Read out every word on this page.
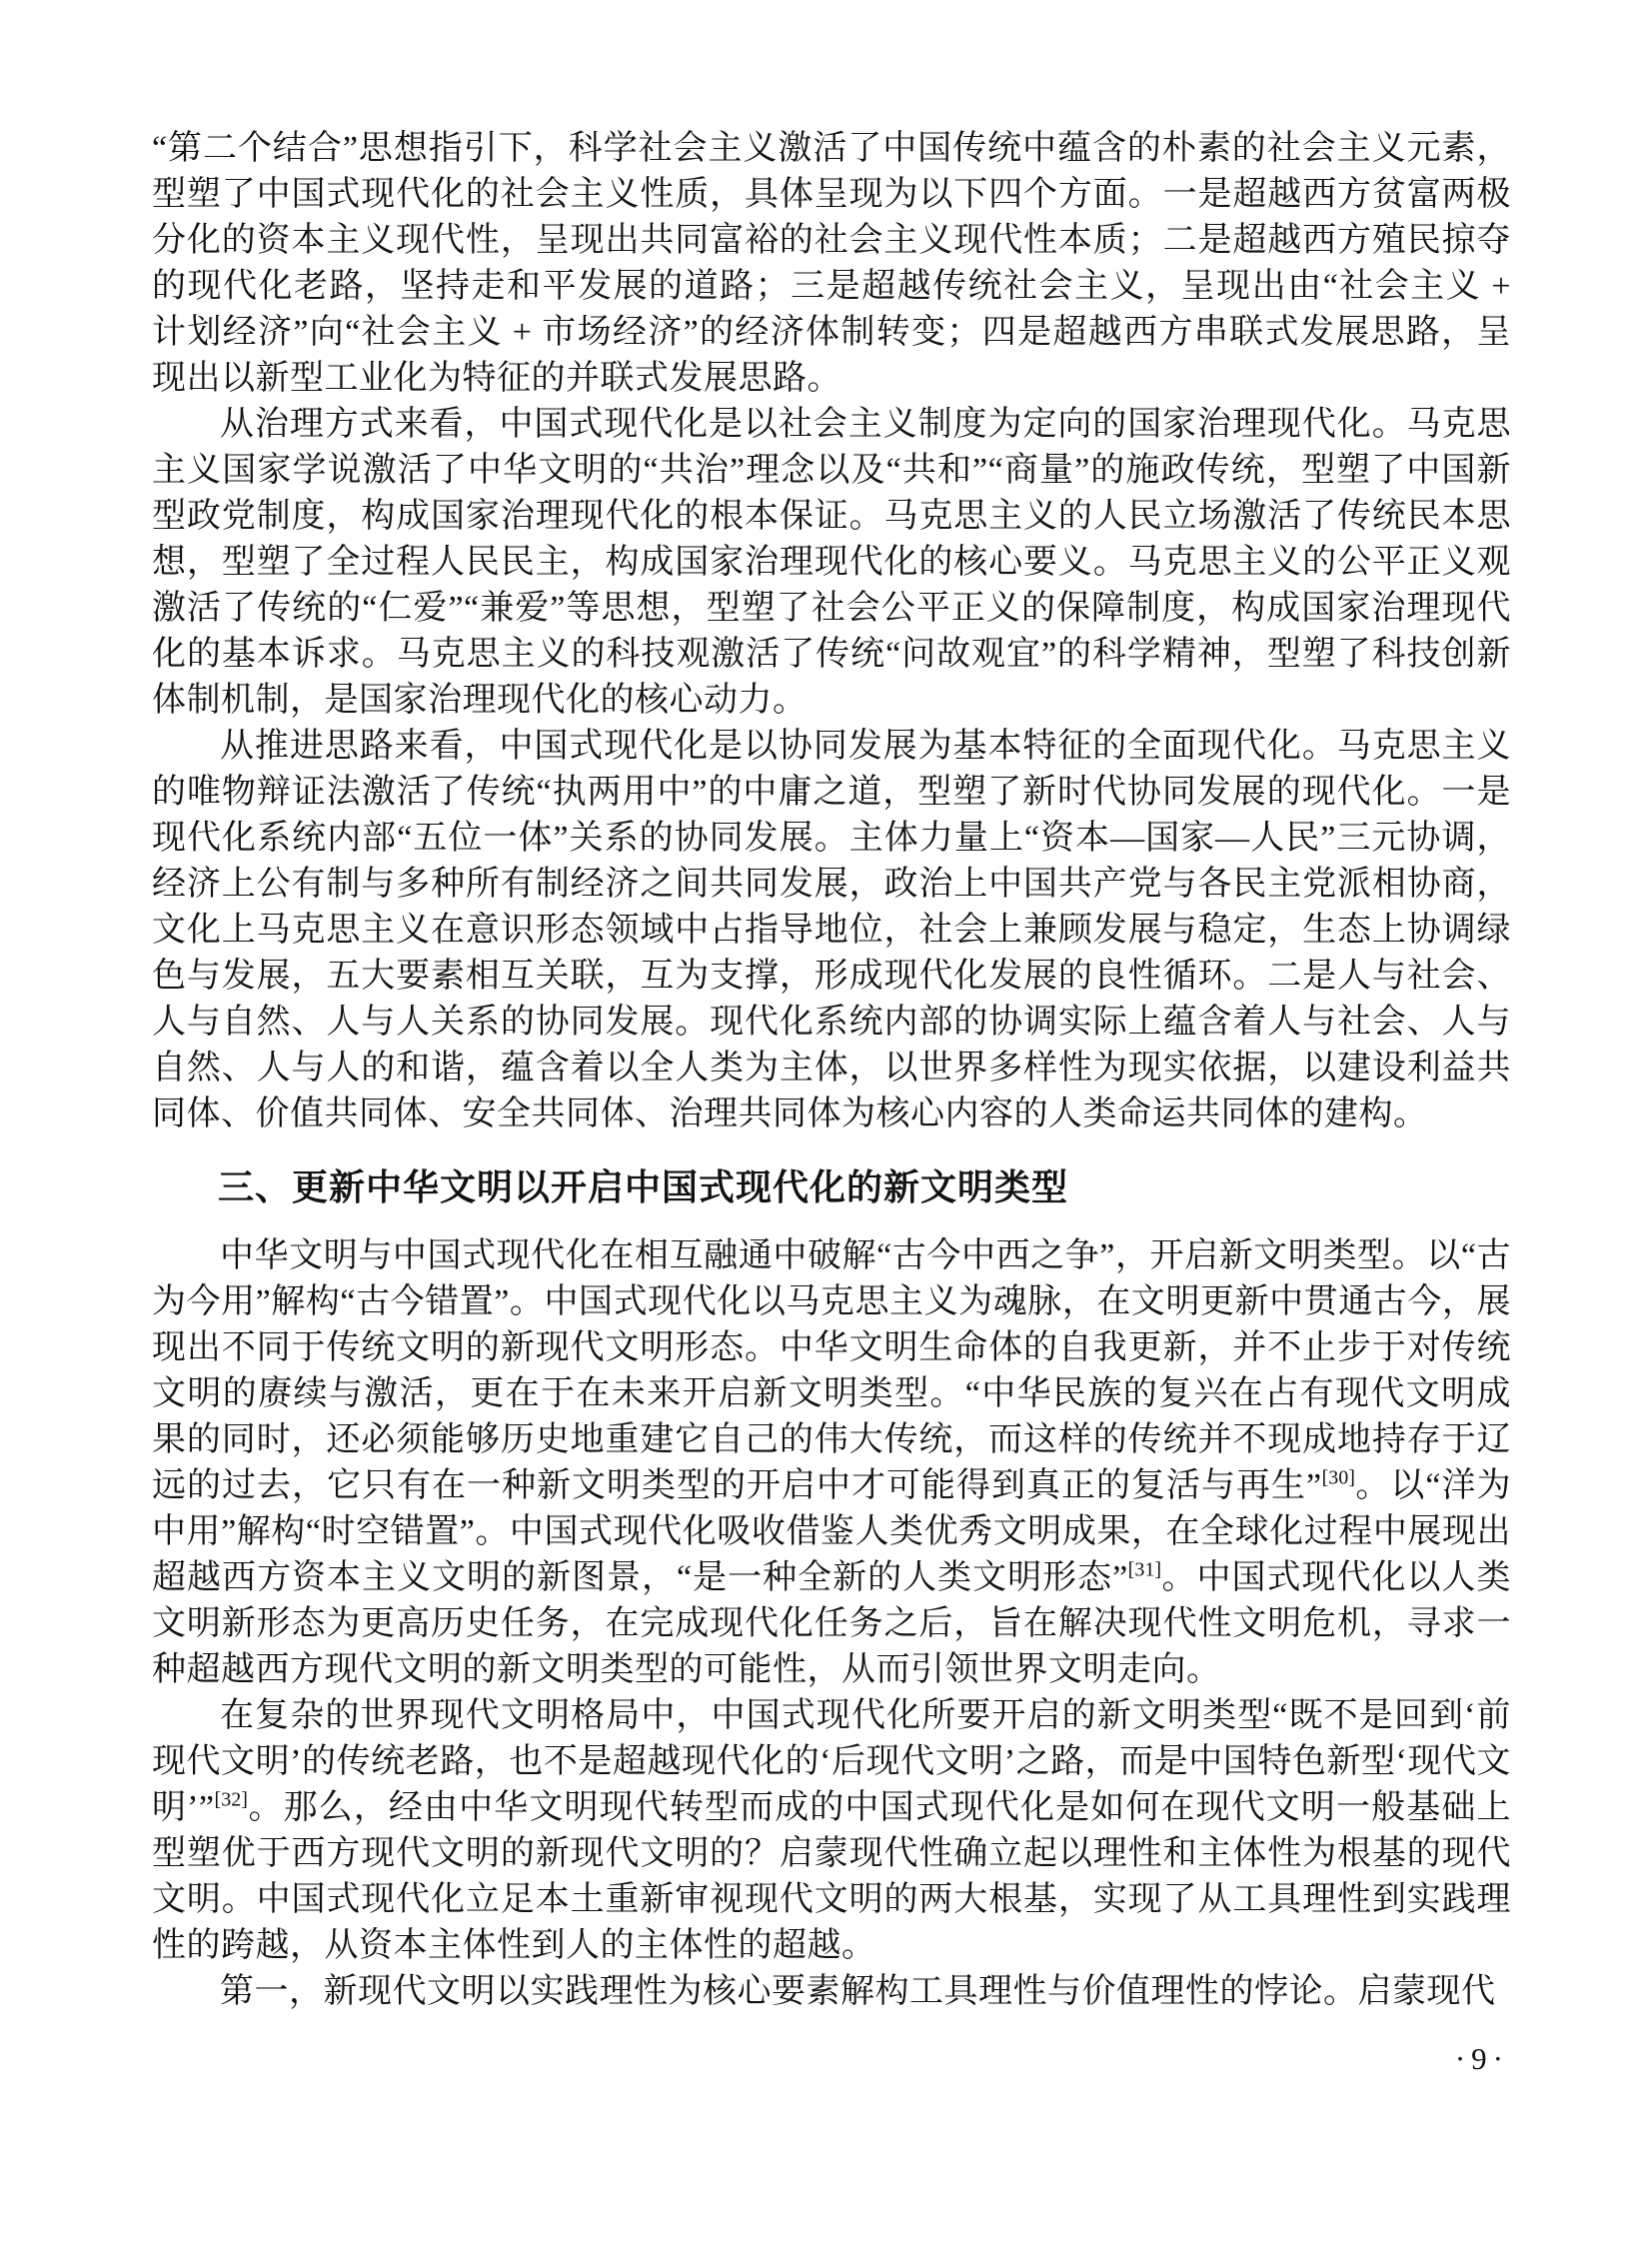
“第二个结合”思想指引下，科学社会主义激活了中国传统中蕴含的朴素的社会主义元素，型塑了中国式现代化的社会主义性质，具体呈现为以下四个方面。一是超越西方贫富两极分化的资本主义现代性，呈现出共同富裕的社会主义现代性本质；二是超越西方殖民掠夺的现代化老路，坚持走和平发展的道路；三是超越传统社会主义，呈现出由“社会主义 + 计划经济”向“社会主义 + 市场经济”的经济体制转变；四是超越西方串联式发展思路，呈现出以新型工业化为特征的并联式发展思路。

从治理方式来看，中国式现代化是以社会主义制度为定向的国家治理现代化。马克思主义国家学说激活了中华文明的“共治”理念以及“共和”“商量”的施政传统，型塑了中国新型政党制度，构成国家治理现代化的根本保证。马克思主义的人民立场激活了传统民本思想，型塑了全过程人民民主，构成国家治理现代化的核心要义。马克思主义的公平正义观激活了传统的“仁爱”“兼爱”等思想，型塑了社会公平正义的保障制度，构成国家治理现代化的基本诉求。马克思主义的科技观激活了传统“问故观宜”的科学精神，型塑了科技创新体制机制，是国家治理现代化的核心动力。

从推进思路来看，中国式现代化是以协同发展为基本特征的全面现代化。马克思主义的唯物辩证法激活了传统“执两用中”的中庸之道，型塑了新时代协同发展的现代化。一是现代化系统内部“五位一体”关系的协同发展。主体力量上“资本—国家—人民”三元协调，经济上公有制与多种所有制经济之间共同发展，政治上中国共产党与各民主党派相协商，文化上马克思主义在意识形态领域中占指导地位，社会上兼顾发展与稳定，生态上协调绿色与发展，五大要素相互关联，互为支撑，形成现代化发展的良性循环。二是人与社会、人与自然、人与人关系的协同发展。现代化系统内部的协调实际上蕴含着人与社会、人与自然、人与人的和谐，蕴含着以全人类为主体，以世界多样性为现实依据，以建设利益共同体、价值共同体、安全共同体、治理共同体为核心内容的人类命运共同体的建构。

三、更新中华文明以开启中国式现代化的新文明类型

中华文明与中国式现代化在相互融通中破解“古今中西之争”，开启新文明类型。以“古为今用”解构“古今错置”。中国式现代化以马克思主义为魂脉，在文明更新中贯通古今，展现出不同于传统文明的新现代文明形态。中华文明生命体的自我更新，并不止步于对传统文明的赓续与激活，更在于在未来开启新文明类型。“中华民族的复兴在占有现代文明成果的同时，还必须能够历史地重建它自己的伟大传统，而这样的传统并不现成地持存于辽远的过去，它只有在一种新文明类型的开启中才可能得到真正的复活与再生”[30]。以“洋为中用”解构“时空错置”。中国式现代化吸收借鉴人类优秀文明成果，在全球化过程中展现出超越西方资本主义文明的新图景，“是一种全新的人类文明形态”[31]。中国式现代化以人类文明新形态为更高历史任务，在完成现代化任务之后，旨在解决现代性文明危机，寻求一种超越西方现代文明的新文明类型的可能性，从而引领世界文明走向。

在复杂的世界现代文明格局中，中国式现代化所要开启的新文明类型“既不是回到‘前现代文明’的传统老路，也不是超越现代化的‘后现代文明’之路，而是中国特色新型‘现代文明’”[32]。那么，经由中华文明现代转型而成的中国式现代化是如何在现代文明一般基础上型塑优于西方现代文明的新现代文明的？启蒙现代性确立起以理性和主体性为根基的现代文明。中国式现代化立足本土重新审视现代文明的两大根基，实现了从工具理性到实践理性的跨越，从资本主体性到人的主体性的超越。

第一，新现代文明以实践理性为核心要素解构工具理性与价值理性的悖论。启蒙现代

·9·
